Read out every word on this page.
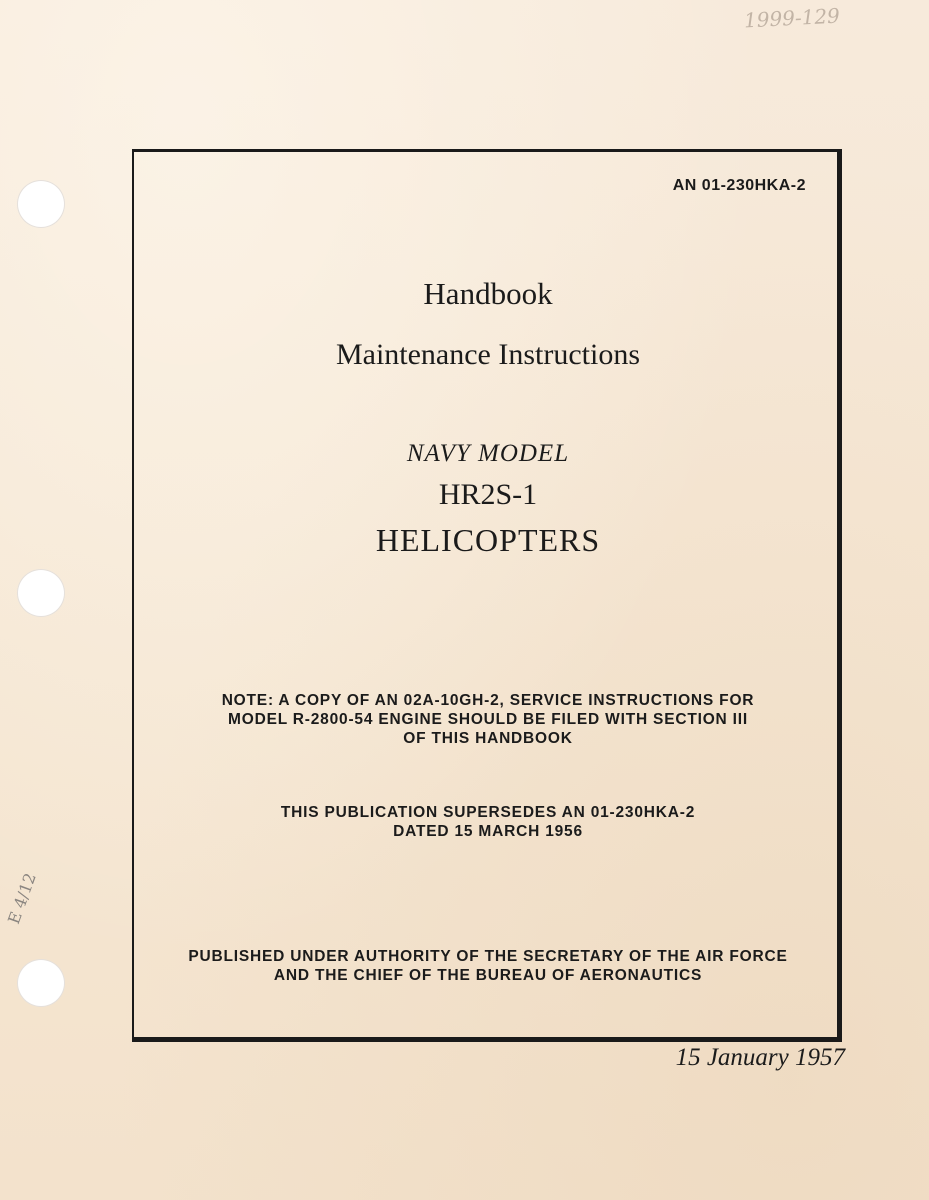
1999-129
E 4/12
AN 01-230HKA-2
Handbook
Maintenance Instructions
NAVY MODEL
HR2S-1
HELICOPTERS
NOTE: A COPY OF AN 02A-10GH-2, SERVICE INSTRUCTIONS FOR
MODEL R-2800-54 ENGINE SHOULD BE FILED WITH SECTION III
OF THIS HANDBOOK
THIS PUBLICATION SUPERSEDES AN 01-230HKA-2
DATED 15 MARCH 1956
PUBLISHED UNDER AUTHORITY OF THE SECRETARY OF THE AIR FORCE
AND THE CHIEF OF THE BUREAU OF AERONAUTICS
15 January 1957
